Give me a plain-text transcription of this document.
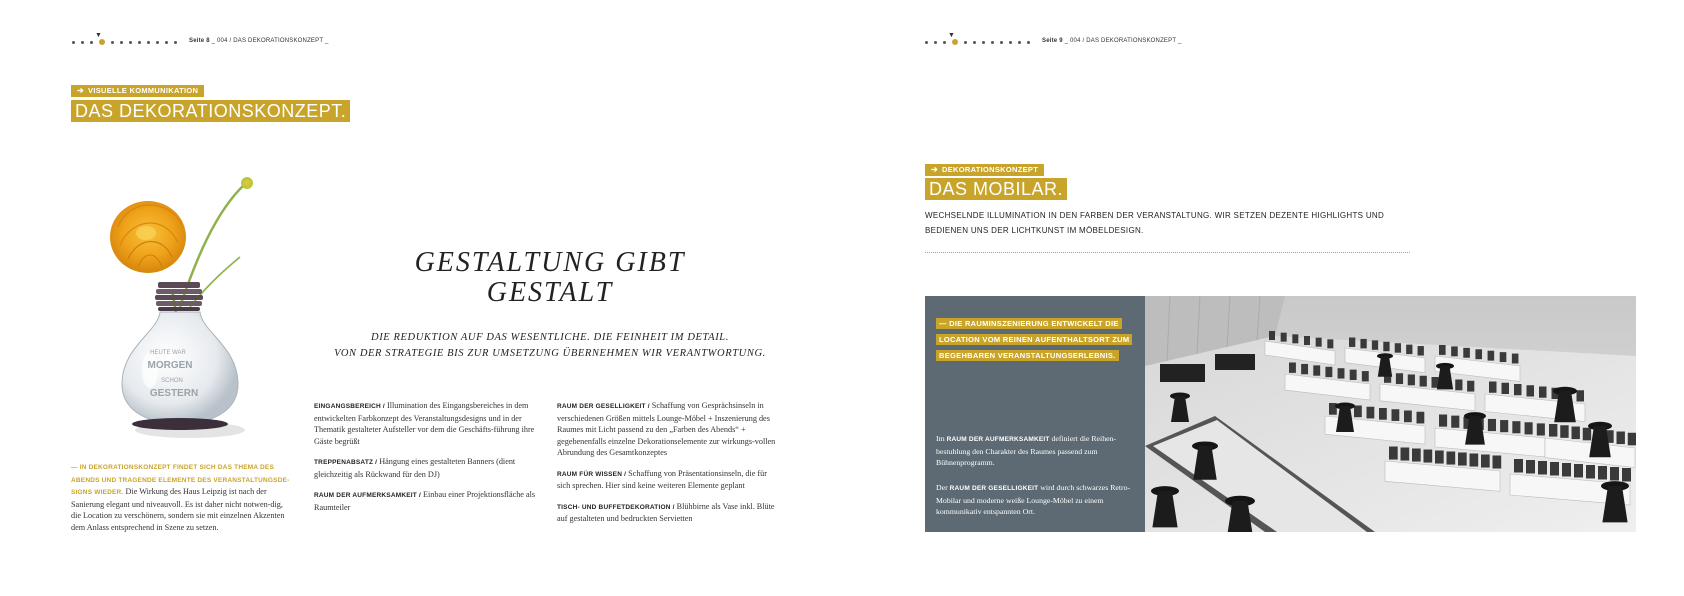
▼
Seite 8 _ 004 / DAS DEKORATIONSKONZEPT _
➔ VISUELLE KOMMUNIKATION
DAS DEKORATIONSKONZEPT.
HEUTE WAR
MORGEN
SCHON
GESTERN
— IN DEKORATIONSKONZEPT FINDET SICH DAS THEMA DES ABENDS UND TRAGENDE ELEMENTE DES VERANSTALTUNGSDE-SIGNS WIEDER. Die Wirkung des Haus Leipzig ist nach der Sanierung elegant und niveauvoll. Es ist daher nicht notwen-dig, die Location zu verschönern, sondern sie mit einzelnen Akzenten dem Anlass entsprechend in Szene zu setzen.
GESTALTUNG GIBT
GESTALT
DIE REDUKTION AUF DAS WESENTLICHE. DIE FEINHEIT IM DETAIL.
VON DER STRATEGIE BIS ZUR UMSETZUNG ÜBERNEHMEN WIR VERANTWORTUNG.
EINGANGSBEREICH / Illumination des Eingangsbereiches in dem entwickelten Farbkonzept des Veranstaltungsdesigns und in der Thematik gestalteter Aufsteller vor dem die Geschäfts-führung ihre Gäste begrüßt
TREPPENABSATZ / Hängung eines gestalteten Banners (dient gleichzeitig als Rückwand für den DJ)
RAUM DER AUFMERKSAMKEIT / Einbau einer Projektionsfläche als Raumteiler
RAUM DER GESELLIGKEIT / Schaffung von Gesprächsinseln in verschiedenen Größen mittels Lounge-Möbel + Inszenierung des Raumes mit Licht passend zu den „Farben des Abends“ + gegebenenfalls einzelne Dekorationselemente zur wirkungs-vollen Abrundung des Gesamtkonzeptes
RAUM FÜR WISSEN / Schaffung von Präsentationsinseln, die für sich sprechen. Hier sind keine weiteren Elemente geplant
TISCH- UND BUFFETDEKORATION / Blühbirne als Vase inkl. Blüte auf gestalteten und bedruckten Servietten
▼
Seite 9 _ 004 / DAS DEKORATIONSKONZEPT _
➔ DEKORATIONSKONZEPT
DAS MOBILAR.
WECHSELNDE ILLUMINATION IN DEN FARBEN DER VERANSTALTUNG. WIR SETZEN DEZENTE HIGHLIGHTS UND BEDIENEN UNS DER LICHTKUNST IM MÖBELDESIGN.
— DIE RAUMINSZENIERUNG ENTWICKELT DIE LOCATION VOM REINEN AUFENTHALTSORT ZUM BEGEHBAREN VERANSTALTUNGSERLEBNIS.
Im RAUM DER AUFMERKSAMKEIT definiert die Reihen-bestuhlung den Charakter des Raumes passend zum Bühnenprogramm.
Der RAUM DER GESELLIGKEIT wird durch schwarzes Retro-Mobilar und moderne weiße Lounge-Möbel zu einem kommunikativ entspannten Ort.
